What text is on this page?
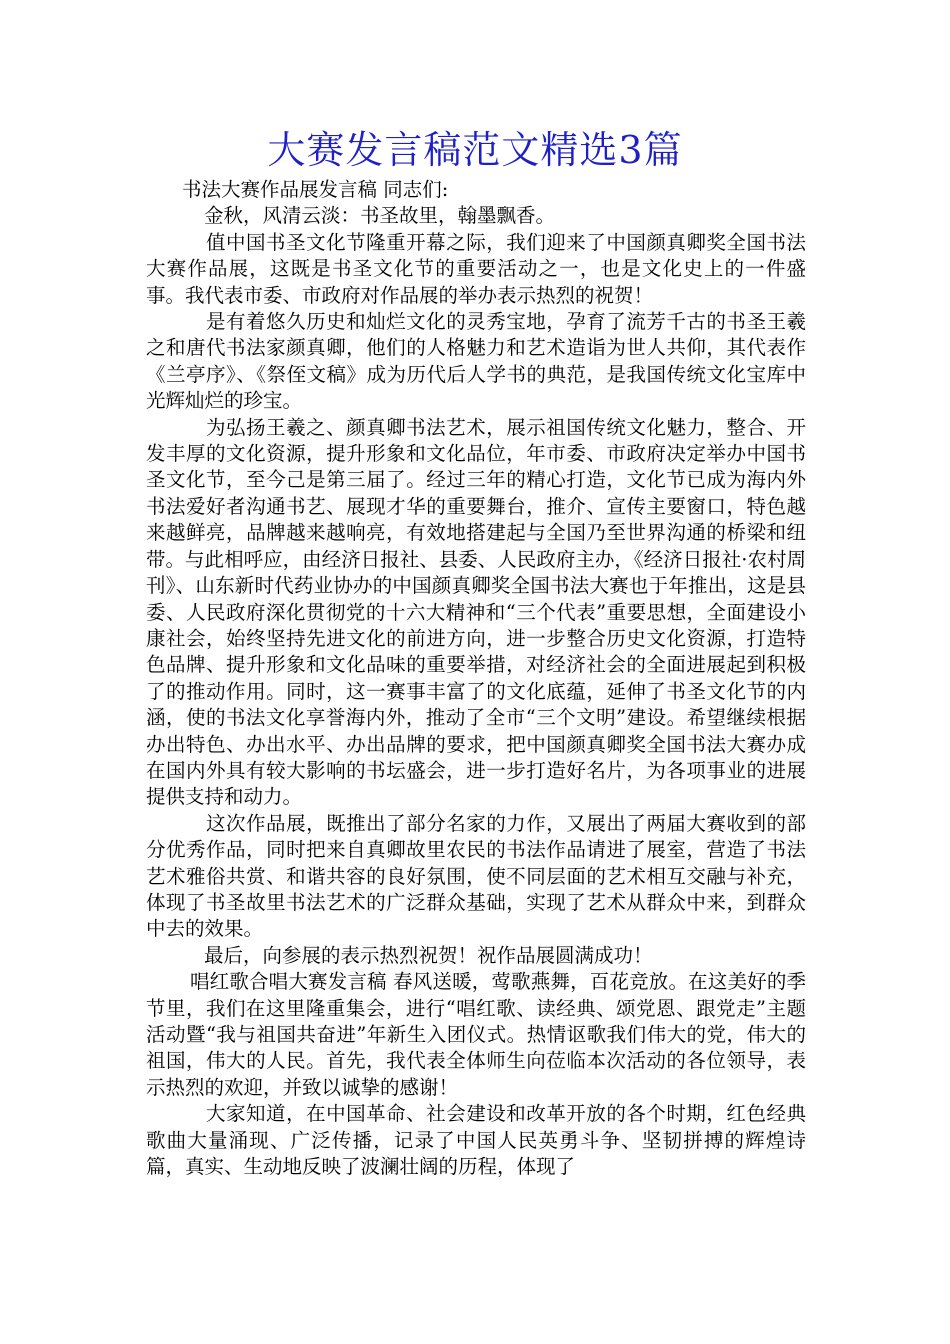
大赛发言稿范文精选3篇

书法大赛作品展发言稿 同志们:

金秋，风清云淡：书圣故里，翰墨飘香。

值中国书圣文化节隆重开幕之际，我们迎来了中国颜真卿奖全国书法大赛作品展，这既是书圣文化节的重要活动之一，也是文化史上的一件盛事。我代表市委、市政府对作品展的举办表示热烈的祝贺！

是有着悠久历史和灿烂文化的灵秀宝地，孕育了流芳千古的书圣王羲之和唐代书法家颜真卿，他们的人格魅力和艺术造诣为世人共仰，其代表作《兰亭序》、《祭侄文稿》成为历代后人学书的典范，是我国传统文化宝库中光辉灿烂的珍宝。

为弘扬王羲之、颜真卿书法艺术，展示祖国传统文化魅力，整合、开发丰厚的文化资源，提升形象和文化品位，年市委、市政府决定举办中国书圣文化节，至今己是第三届了。经过三年的精心打造，文化节已成为海内外书法爱好者沟通书艺、展现才华的重要舞台，推介、宣传主要窗口，特色越来越鲜亮，品牌越来越响亮，有效地搭建起与全国乃至世界沟通的桥梁和纽带。与此相呼应，由经济日报社、县委、人民政府主办，《经济日报社·农村周刊》、山东新时代药业协办的中国颜真卿奖全国书法大赛也于年推出，这是县委、人民政府深化贯彻党的十六大精神和“三个代表”重要思想，全面建设小康社会，始终坚持先进文化的前进方向，进一步整合历史文化资源，打造特色品牌、提升形象和文化品味的重要举措，对经济社会的全面进展起到积极了的推动作用。同时，这一赛事丰富了的文化底蕴，延伸了书圣文化节的内涵，使的书法文化享誉海内外，推动了全市“三个文明”建设。希望继续根据办出特色、办出水平、办出品牌的要求，把中国颜真卿奖全国书法大赛办成在国内外具有较大影响的书坛盛会，进一步打造好名片，为各项事业的进展提供支持和动力。

这次作品展，既推出了部分名家的力作，又展出了两届大赛收到的部分优秀作品，同时把来自真卿故里农民的书法作品请进了展室，营造了书法艺术雅俗共赏、和谐共容的良好氛围，使不同层面的艺术相互交融与补充，体现了书圣故里书法艺术的广泛群众基础，实现了艺术从群众中来，到群众中去的效果。

最后，向参展的表示热烈祝贺！祝作品展圆满成功！

唱红歌合唱大赛发言稿 春风送暖，莺歌燕舞，百花竞放。在这美好的季节里，我们在这里隆重集会，进行“唱红歌、读经典、颂党恩、跟党走”主题活动暨“我与祖国共奋进”年新生入团仪式。热情讴歌我们伟大的党，伟大的祖国，伟大的人民。首先，我代表全体师生向莅临本次活动的各位领导，表示热烈的欢迎，并致以诚挚的感谢！

大家知道，在中国革命、社会建设和改革开放的各个时期，红色经典歌曲大量涌现、广泛传播，记录了中国人民英勇斗争、坚韧拼搏的辉煌诗篇，真实、生动地反映了波澜壮阔的历程，体现了
